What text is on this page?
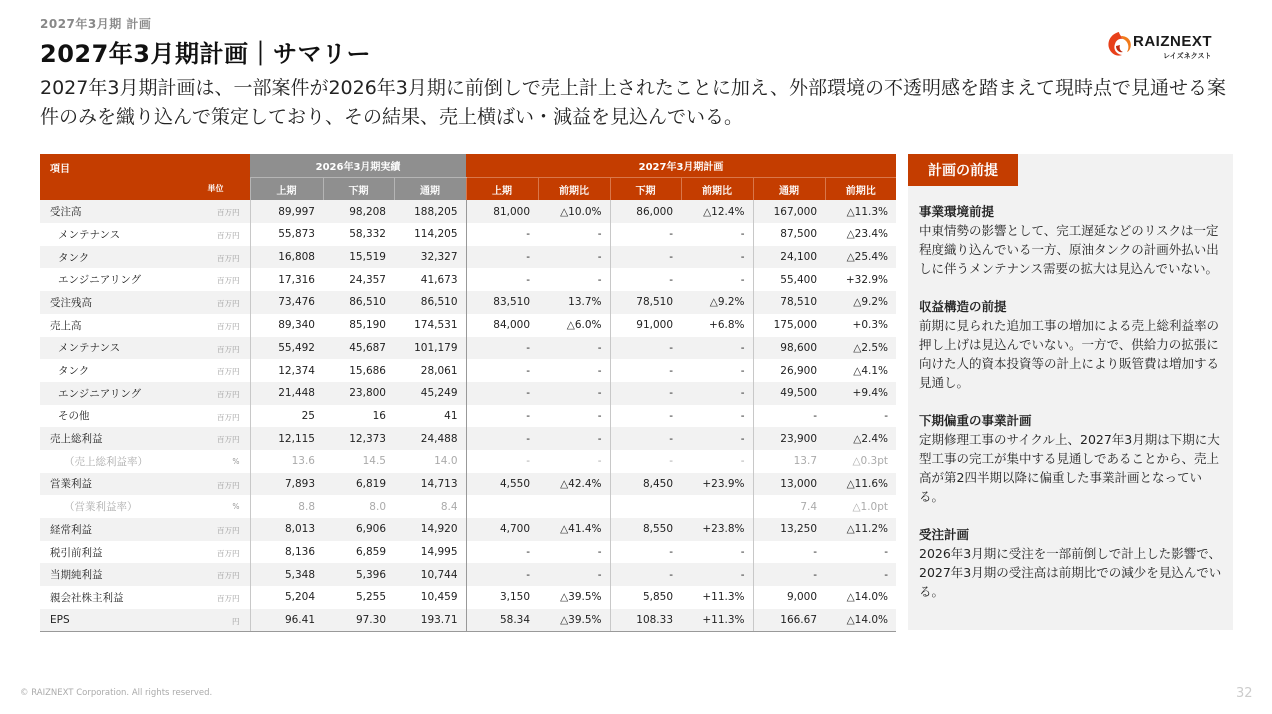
2027年3月期 計画
2027年3月期計画｜サマリー	RAIZNEXT
レイズネクスト
2027年3月期計画は、一部案件が2026年3月期に前倒しで売上計上されたことに加え、外部環境の不透明感を踏まえて現時点で見通せる案件のみを織り込んで策定しており、その結果、売上横ばい・減益を見込んでいる。
項目
単位	2026年3月期実績			2027年3月期計画					
	上期	下期	通期	上期	前期比	下期	前期比	通期	前期比
受注高 百万円	89,997	98,208	188,205	81,000	△10.0%	86,000	△12.4%	167,000	△11.3%
メンテナンス 百万円	55,873	58,332	114,205	-	-	-	-	87,500	△23.4%
タンク 百万円	16,808	15,519	32,327	-	-	-	-	24,100	△25.4%
エンジニアリング 百万円	17,316	24,357	41,673	-	-	-	-	55,400	+32.9%
受注残高 百万円	73,476	86,510	86,510	83,510	13.7%	78,510	△9.2%	78,510	△9.2%
売上高 百万円	89,340	85,190	174,531	84,000	△6.0%	91,000	+6.8%	175,000	+0.3%
メンテナンス 百万円	55,492	45,687	101,179	-	-	-	-	98,600	△2.5%
タンク 百万円	12,374	15,686	28,061	-	-	-	-	26,900	△4.1%
エンジニアリング 百万円	21,448	23,800	45,249	-	-	-	-	49,500	+9.4%
その他 百万円	25	16	41	-	-	-	-	-	-
売上総利益 百万円	12,115	12,373	24,488	-	-	-	-	23,900	△2.4%
（売上総利益率） %	13.6	14.5	14.0	-	-	-	-	13.7	△0.3pt
営業利益 百万円	7,893	6,819	14,713	4,550	△42.4%	8,450	+23.9%	13,000	△11.6%
（営業利益率） %	8.8	8.0	8.4					7.4	△1.0pt
経常利益 百万円	8,013	6,906	14,920	4,700	△41.4%	8,550	+23.8%	13,250	△11.2%
税引前利益 百万円	8,136	6,859	14,995	-	-	-	-	-	-
当期純利益 百万円	5,348	5,396	10,744	-	-	-	-	-	-
親会社株主利益 百万円	5,204	5,255	10,459	3,150	△39.5%	5,850	+11.3%	9,000	△14.0%
EPS 円	96.41	97.30	193.71	58.34	△39.5%	108.33	+11.3%	166.67	△14.0%
計画の前提
事業環境前提
中東情勢の影響として、完工遅延などのリスクは一定程度織り込んでいる一方、原油タンクの計画外払い出しに伴うメンテナンス需要の拡大は見込んでいない。
収益構造の前提
前期に見られた追加工事の増加による売上総利益率の押し上げは見込んでいない。一方で、供給力の拡張に向けた人的資本投資等の計上により販管費は増加する見通し。
下期偏重の事業計画
定期修理工事のサイクル上、2027年3月期は下期に大型工事の完工が集中する見通しであることから、売上高が第2四半期以降に偏重した事業計画となっている。
受注計画
2026年3月期に受注を一部前倒しで計上した影響で、2027年3月期の受注高は前期比での減少を見込んでいる。
© RAIZNEXT Corporation. All rights reserved.	32
